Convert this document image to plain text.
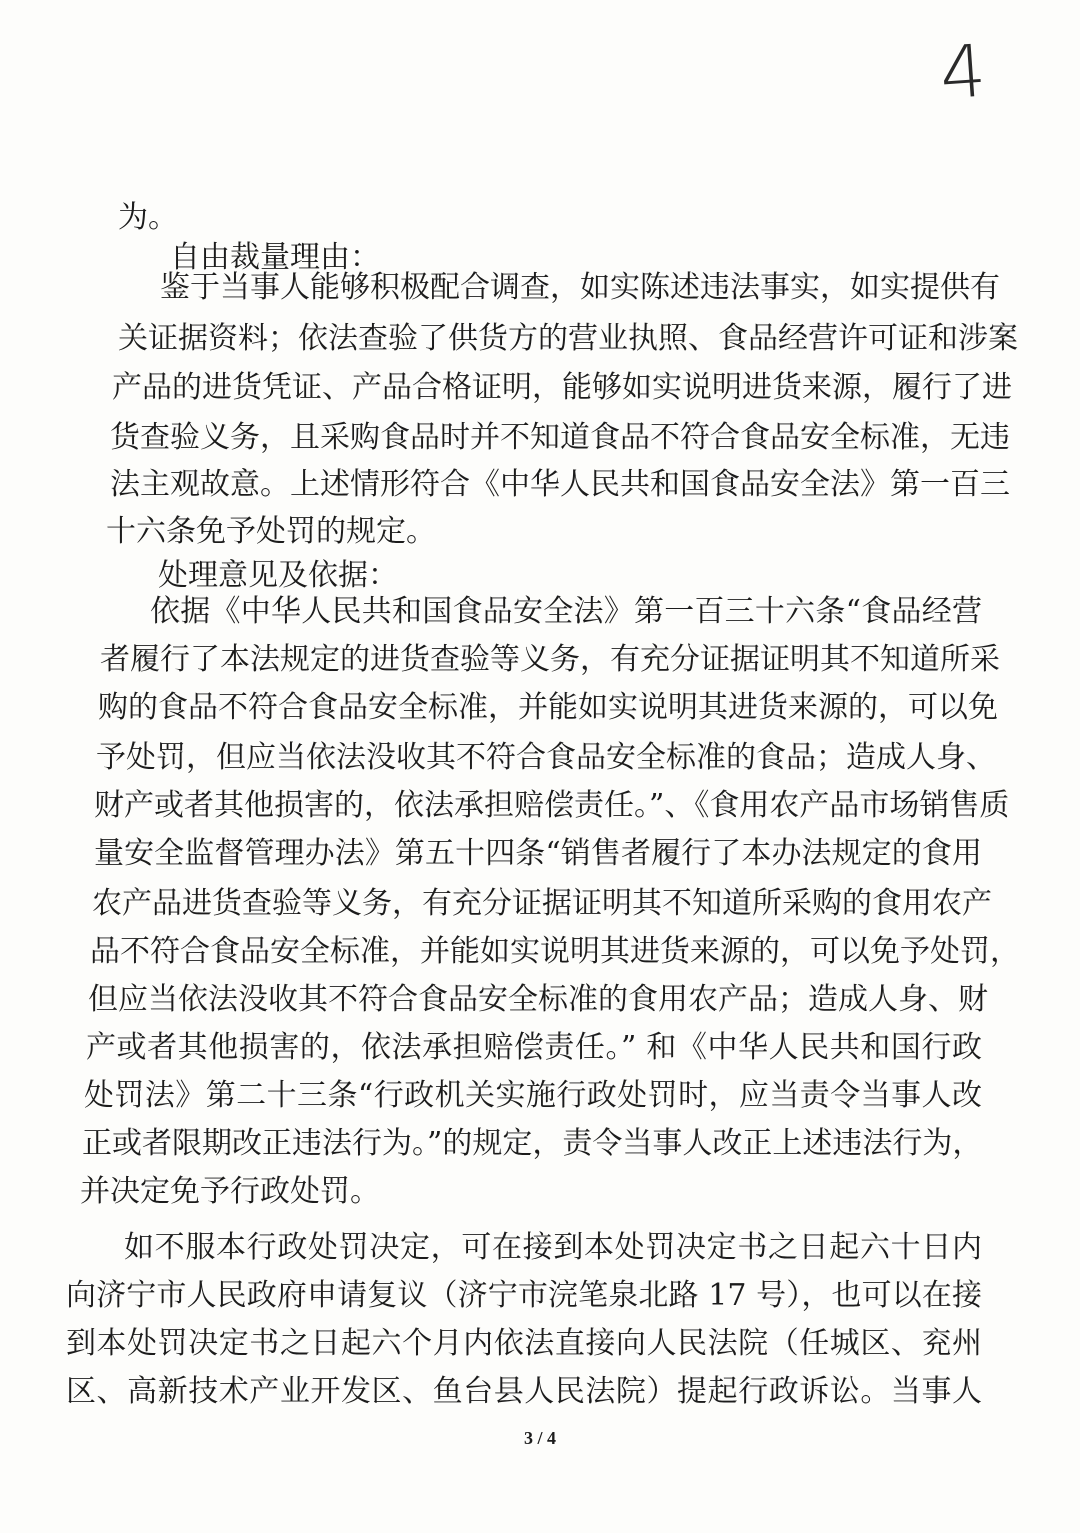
4
为。
自由裁量理由：
鉴于当事人能够积极配合调查，如实陈述违法事实，如实提供有
关证据资料；依法查验了供货方的营业执照、食品经营许可证和涉案
产品的进货凭证、产品合格证明，能够如实说明进货来源，履行了进
货查验义务，且采购食品时并不知道食品不符合食品安全标准，无违
法主观故意。上述情形符合《中华人民共和国食品安全法》第一百三
十六条免予处罚的规定。
处理意见及依据：
依据《中华人民共和国食品安全法》第一百三十六条“食品经营
者履行了本法规定的进货查验等义务，有充分证据证明其不知道所采
购的食品不符合食品安全标准，并能如实说明其进货来源的，可以免
予处罚，但应当依法没收其不符合食品安全标准的食品；造成人身、
财产或者其他损害的，依法承担赔偿责任。”、《食用农产品市场销售质
量安全监督管理办法》第五十四条“销售者履行了本办法规定的食用
农产品进货查验等义务，有充分证据证明其不知道所采购的食用农产
品不符合食品安全标准，并能如实说明其进货来源的，可以免予处罚，
但应当依法没收其不符合食品安全标准的食用农产品；造成人身、财
产或者其他损害的，依法承担赔偿责任。” 和《中华人民共和国行政
处罚法》第二十三条“行政机关实施行政处罚时，应当责令当事人改
正或者限期改正违法行为。”的规定，责令当事人改正上述违法行为，
并决定免予行政处罚。
如不服本行政处罚决定，可在接到本处罚决定书之日起六十日内
向济宁市人民政府申请复议（济宁市浣笔泉北路 17 号），也可以在接
到本处罚决定书之日起六个月内依法直接向人民法院（任城区、兖州
区、高新技术产业开发区、鱼台县人民法院）提起行政诉讼。当事人
3 / 4
